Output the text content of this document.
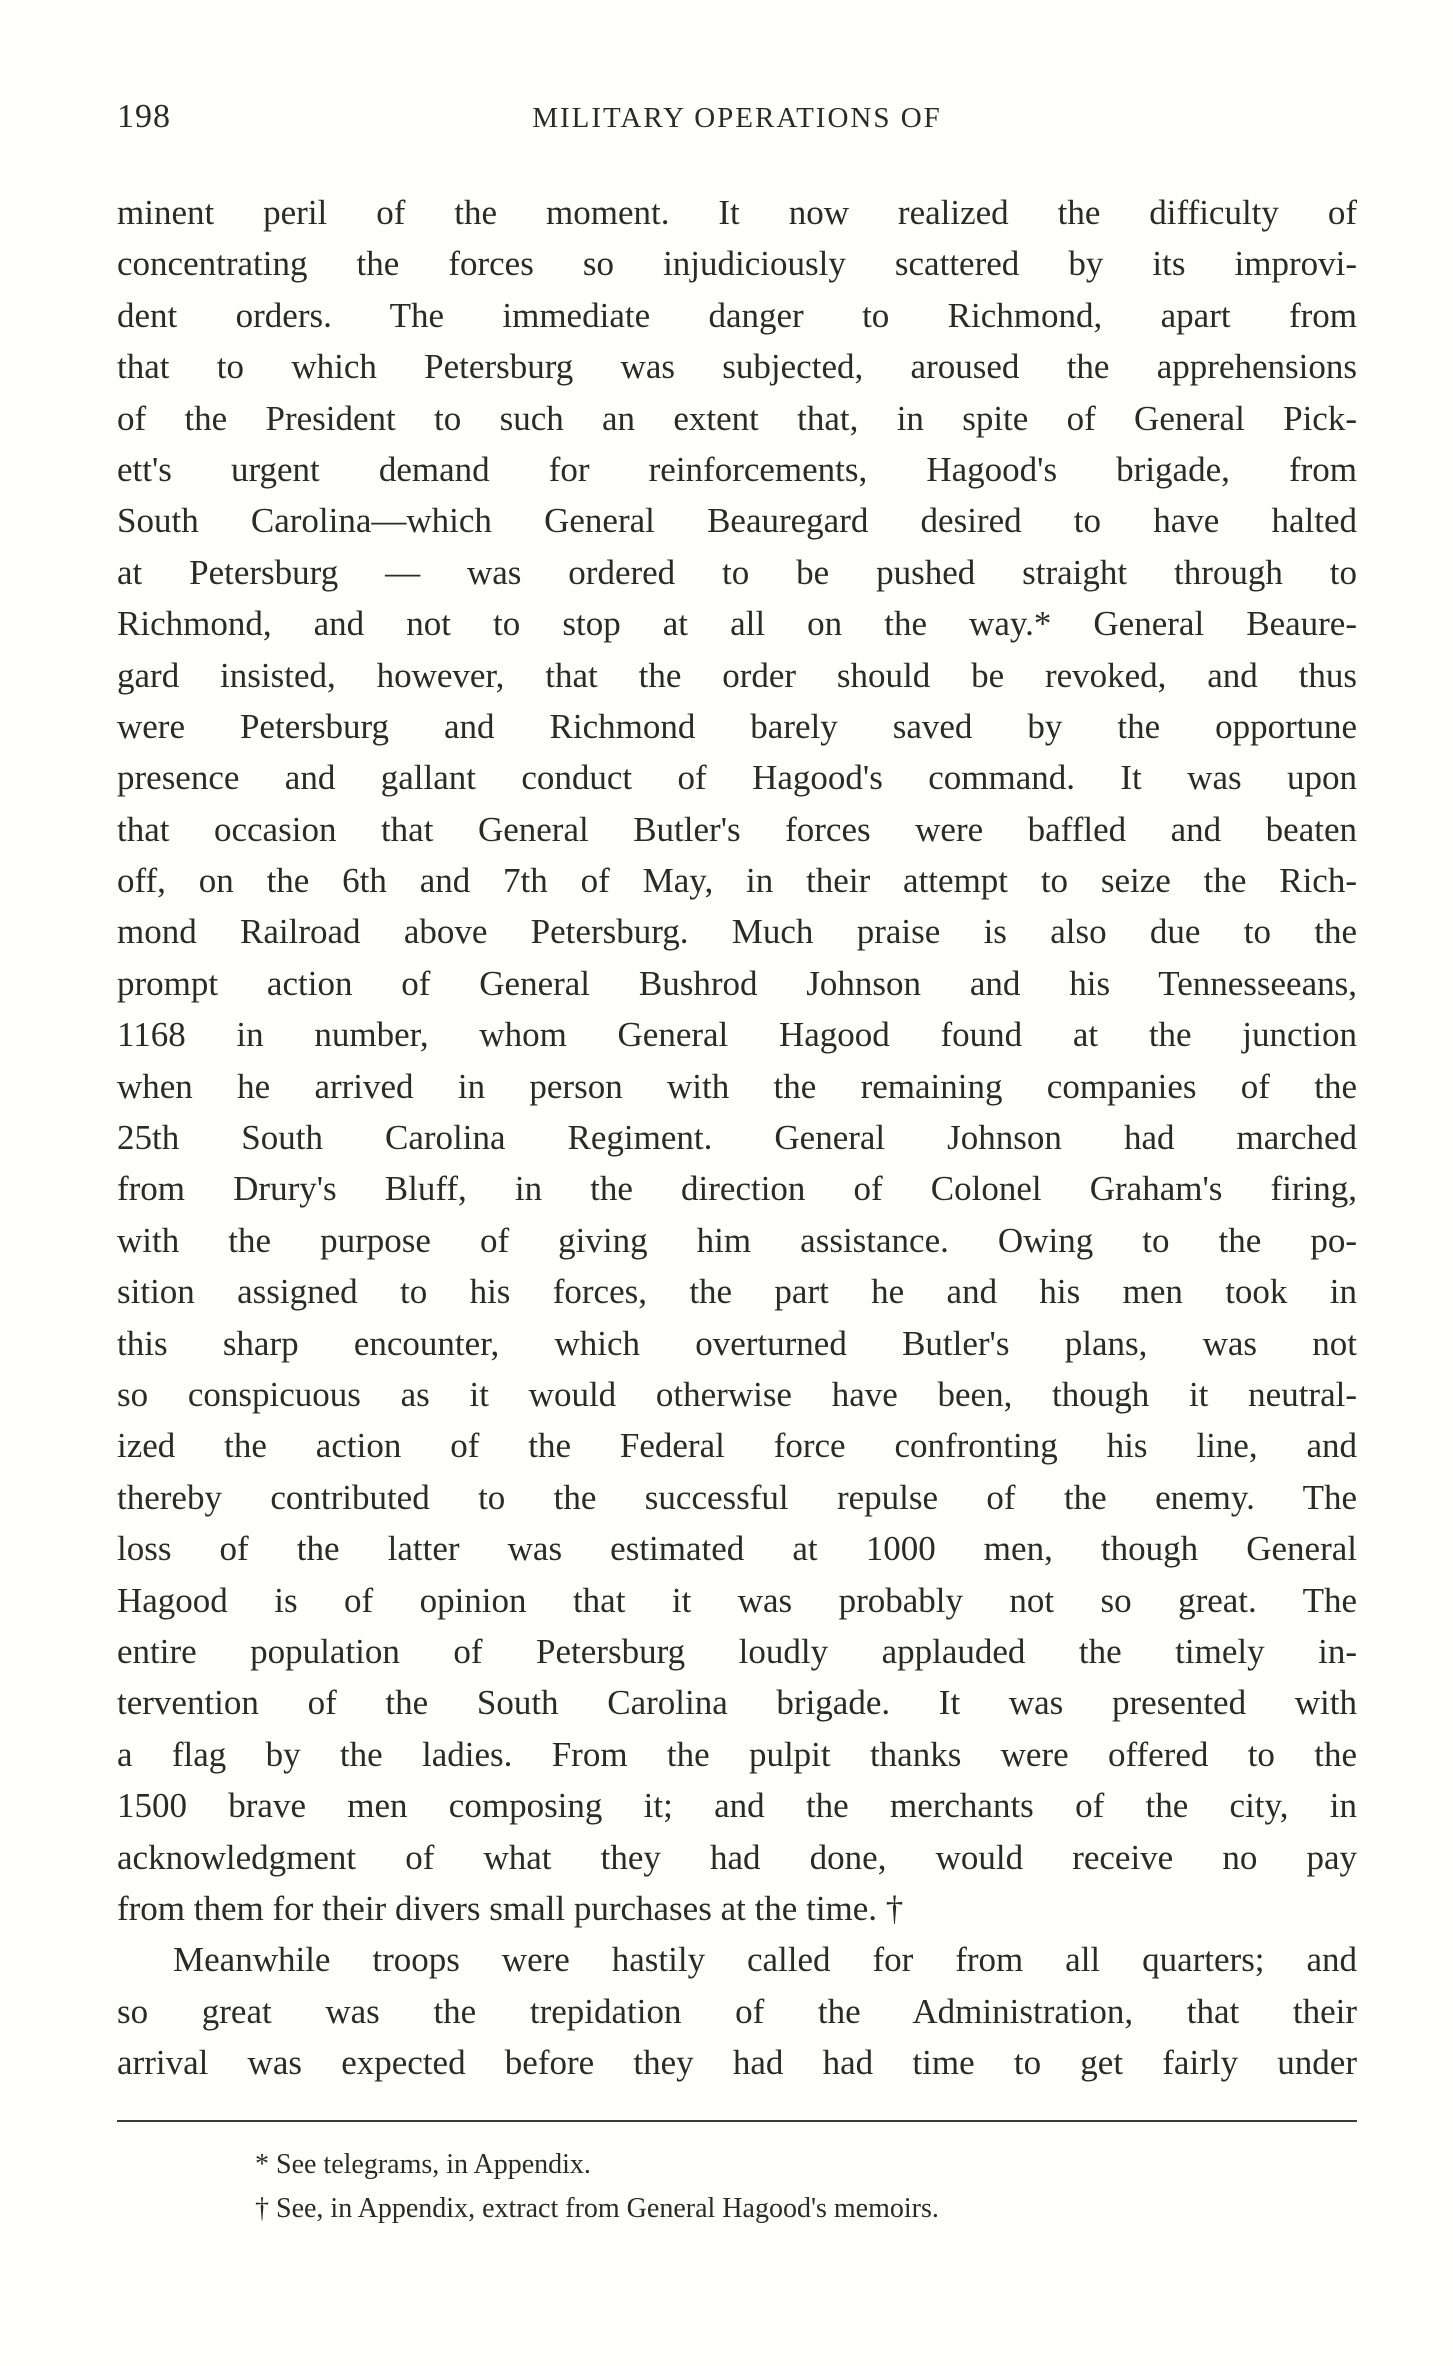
198	MILITARY OPERATIONS OF
minent peril of the moment. It now realized the difficulty of
concentrating the forces so injudiciously scattered by its improvi-
dent orders. The immediate danger to Richmond, apart from
that to which Petersburg was subjected, aroused the apprehensions
of the President to such an extent that, in spite of General Pick-
ett's urgent demand for reinforcements, Hagood's brigade, from
South Carolina—which General Beauregard desired to have halted
at Petersburg — was ordered to be pushed straight through to
Richmond, and not to stop at all on the way.* General Beaure-
gard insisted, however, that the order should be revoked, and thus
were Petersburg and Richmond barely saved by the opportune
presence and gallant conduct of Hagood's command. It was upon
that occasion that General Butler's forces were baffled and beaten
off, on the 6th and 7th of May, in their attempt to seize the Rich-
mond Railroad above Petersburg. Much praise is also due to the
prompt action of General Bushrod Johnson and his Tennesseeans,
1168 in number, whom General Hagood found at the junction
when he arrived in person with the remaining companies of the
25th South Carolina Regiment. General Johnson had marched
from Drury's Bluff, in the direction of Colonel Graham's firing,
with the purpose of giving him assistance. Owing to the po-
sition assigned to his forces, the part he and his men took in
this sharp encounter, which overturned Butler's plans, was not
so conspicuous as it would otherwise have been, though it neutral-
ized the action of the Federal force confronting his line, and
thereby contributed to the successful repulse of the enemy. The
loss of the latter was estimated at 1000 men, though General
Hagood is of opinion that it was probably not so great. The
entire population of Petersburg loudly applauded the timely in-
tervention of the South Carolina brigade. It was presented with
a flag by the ladies. From the pulpit thanks were offered to the
1500 brave men composing it; and the merchants of the city, in
acknowledgment of what they had done, would receive no pay
from them for their divers small purchases at the time. †
Meanwhile troops were hastily called for from all quarters; and
so great was the trepidation of the Administration, that their
arrival was expected before they had had time to get fairly under
* See telegrams, in Appendix.
† See, in Appendix, extract from General Hagood's memoirs.
